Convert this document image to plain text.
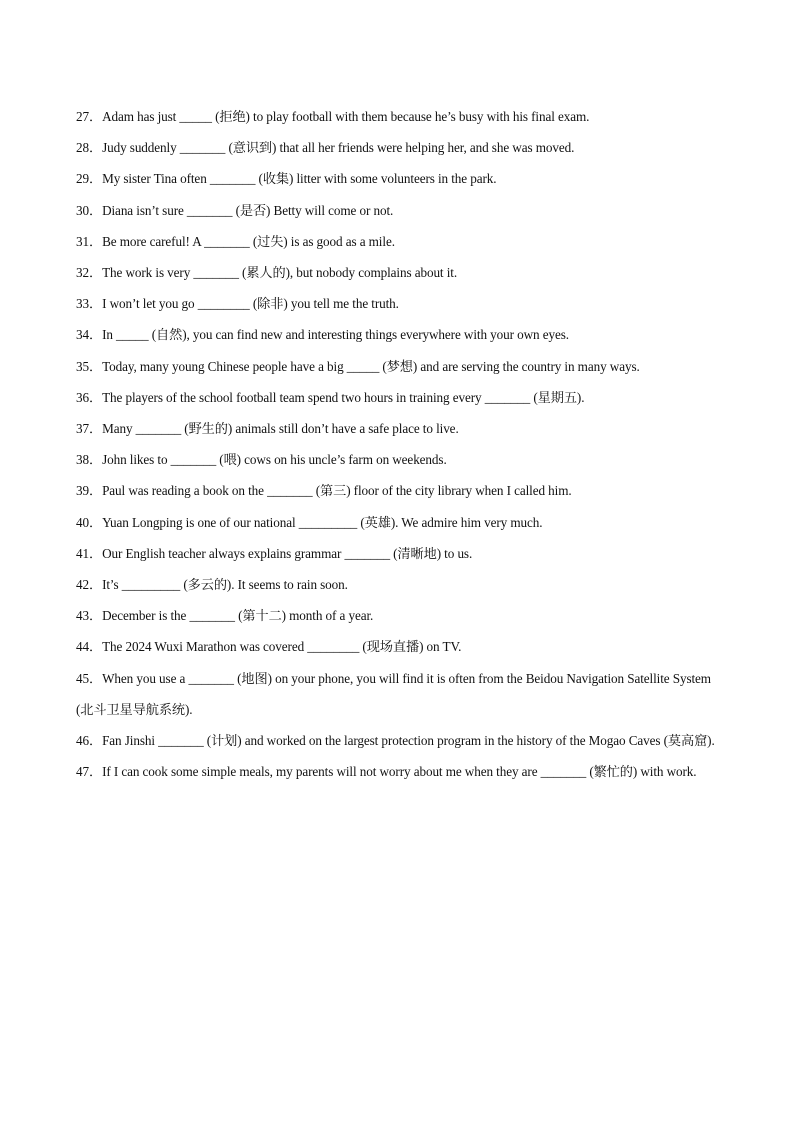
27．Adam has just _____ (拒绝) to play football with them because he’s busy with his final exam.
28．Judy suddenly _______ (意识到) that all her friends were helping her, and she was moved.
29．My sister Tina often _______ (收集) litter with some volunteers in the park.
30．Diana isn’t sure _______ (是否) Betty will come or not.
31．Be more careful! A _______ (过失) is as good as a mile.
32．The work is very _______ (累人的), but nobody complains about it.
33．I won’t let you go ________ (除非) you tell me the truth.
34．In _____ (自然), you can find new and interesting things everywhere with your own eyes.
35．Today, many young Chinese people have a big _____ (梦想) and are serving the country in many ways.
36．The players of the school football team spend two hours in training every _______ (星期五).
37．Many _______ (野生的) animals still don’t have a safe place to live.
38．John likes to _______ (喂) cows on his uncle’s farm on weekends.
39．Paul was reading a book on the _______ (第三) floor of the city library when I called him.
40．Yuan Longping is one of our national _________ (英雄). We admire him very much.
41．Our English teacher always explains grammar _______ (清晰地) to us.
42．It’s _________ (多云的). It seems to rain soon.
43．December is the _______ (第十二) month of a year.
44．The 2024 Wuxi Marathon was covered ________ (现场直播) on TV.
45．When you use a _______ (地图) on your phone, you will find it is often from the Beidou Navigation Satellite System (北斗卫星导航系统).
46．Fan Jinshi _______ (计划) and worked on the largest protection program in the history of the Mogao Caves (莫高窟).
47．If I can cook some simple meals, my parents will not worry about me when they are _______ (繁忙的) with work.
